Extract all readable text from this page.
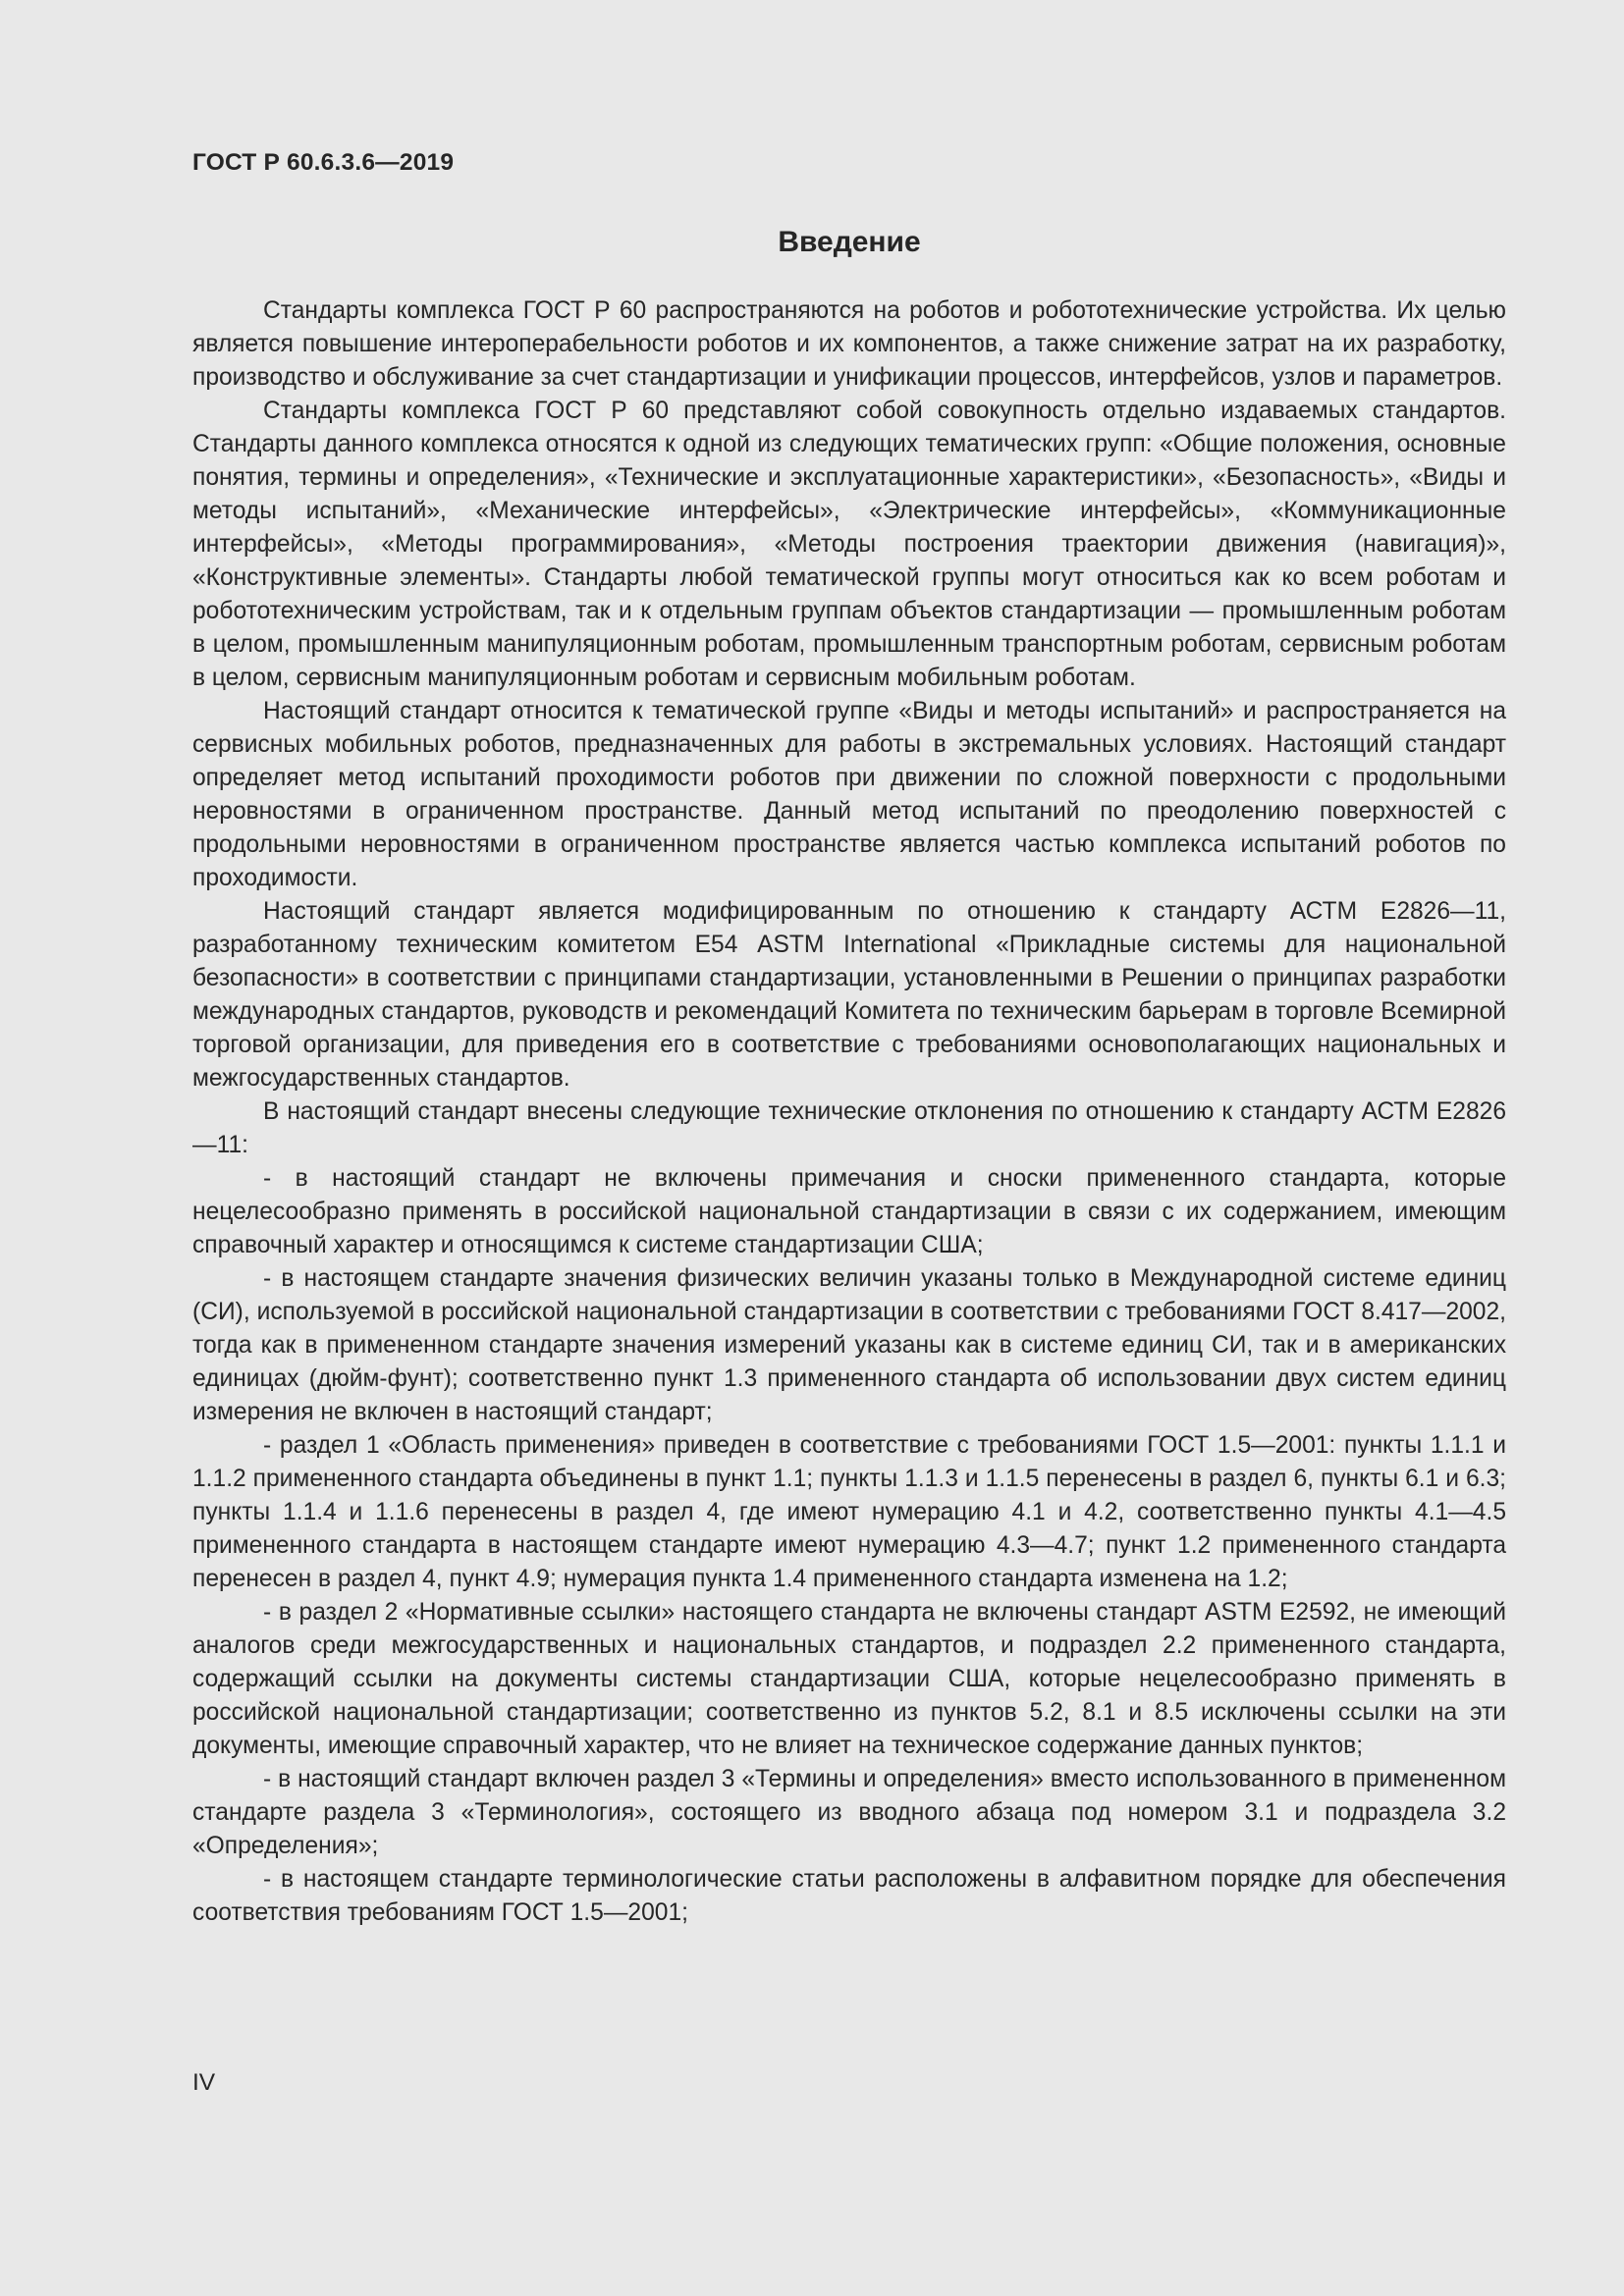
ГОСТ Р 60.6.3.6—2019
Введение

Стандарты комплекса ГОСТ Р 60 распространяются на роботов и робототехнические устройства. Их целью является повышение интероперабельности роботов и их компонентов, а также снижение затрат на их разработку, производство и обслуживание за счет стандартизации и унификации процессов, интерфейсов, узлов и параметров.

Стандарты комплекса ГОСТ Р 60 представляют собой совокупность отдельно издаваемых стандартов. Стандарты данного комплекса относятся к одной из следующих тематических групп: «Общие положения, основные понятия, термины и определения», «Технические и эксплуатационные характеристики», «Безопасность», «Виды и методы испытаний», «Механические интерфейсы», «Электрические интерфейсы», «Коммуникационные интерфейсы», «Методы программирования», «Методы построения траектории движения (навигация)», «Конструктивные элементы». Стандарты любой тематической группы могут относиться как ко всем роботам и робототехническим устройствам, так и к отдельным группам объектов стандартизации — промышленным роботам в целом, промышленным манипуляционным роботам, промышленным транспортным роботам, сервисным роботам в целом, сервисным манипуляционным роботам и сервисным мобильным роботам.

Настоящий стандарт относится к тематической группе «Виды и методы испытаний» и распространяется на сервисных мобильных роботов, предназначенных для работы в экстремальных условиях. Настоящий стандарт определяет метод испытаний проходимости роботов при движении по сложной поверхности с продольными неровностями в ограниченном пространстве. Данный метод испытаний по преодолению поверхностей с продольными неровностями в ограниченном пространстве является частью комплекса испытаний роботов по проходимости.

Настоящий стандарт является модифицированным по отношению к стандарту АСТМ Е2826—11, разработанному техническим комитетом Е54 ASTM International «Прикладные системы для национальной безопасности» в соответствии с принципами стандартизации, установленными в Решении о принципах разработки международных стандартов, руководств и рекомендаций Комитета по техническим барьерам в торговле Всемирной торговой организации, для приведения его в соответствие с требованиями основополагающих национальных и межгосударственных стандартов.

В настоящий стандарт внесены следующие технические отклонения по отношению к стандарту АСТМ Е2826—11:

- в настоящий стандарт не включены примечания и сноски примененного стандарта, которые нецелесообразно применять в российской национальной стандартизации в связи с их содержанием, имеющим справочный характер и относящимся к системе стандартизации США;

- в настоящем стандарте значения физических величин указаны только в Международной системе единиц (СИ), используемой в российской национальной стандартизации в соответствии с требованиями ГОСТ 8.417—2002, тогда как в примененном стандарте значения измерений указаны как в системе единиц СИ, так и в американских единицах (дюйм-фунт); соответственно пункт 1.3 примененного стандарта об использовании двух систем единиц измерения не включен в настоящий стандарт;

- раздел 1 «Область применения» приведен в соответствие с требованиями ГОСТ 1.5—2001: пункты 1.1.1 и 1.1.2 примененного стандарта объединены в пункт 1.1; пункты 1.1.3 и 1.1.5 перенесены в раздел 6, пункты 6.1 и 6.3; пункты 1.1.4 и 1.1.6 перенесены в раздел 4, где имеют нумерацию 4.1 и 4.2, соответственно пункты 4.1—4.5 примененного стандарта в настоящем стандарте имеют нумерацию 4.3—4.7; пункт 1.2 примененного стандарта перенесен в раздел 4, пункт 4.9; нумерация пункта 1.4 примененного стандарта изменена на 1.2;

- в раздел 2 «Нормативные ссылки» настоящего стандарта не включены стандарт ASTM E2592, не имеющий аналогов среди межгосударственных и национальных стандартов, и подраздел 2.2 примененного стандарта, содержащий ссылки на документы системы стандартизации США, которые нецелесообразно применять в российской национальной стандартизации; соответственно из пунктов 5.2, 8.1 и 8.5 исключены ссылки на эти документы, имеющие справочный характер, что не влияет на техническое содержание данных пунктов;

- в настоящий стандарт включен раздел 3 «Термины и определения» вместо использованного в примененном стандарте раздела 3 «Терминология», состоящего из вводного абзаца под номером 3.1 и подраздела 3.2 «Определения»;

- в настоящем стандарте терминологические статьи расположены в алфавитном порядке для обеспечения соответствия требованиям ГОСТ 1.5—2001;

IV
